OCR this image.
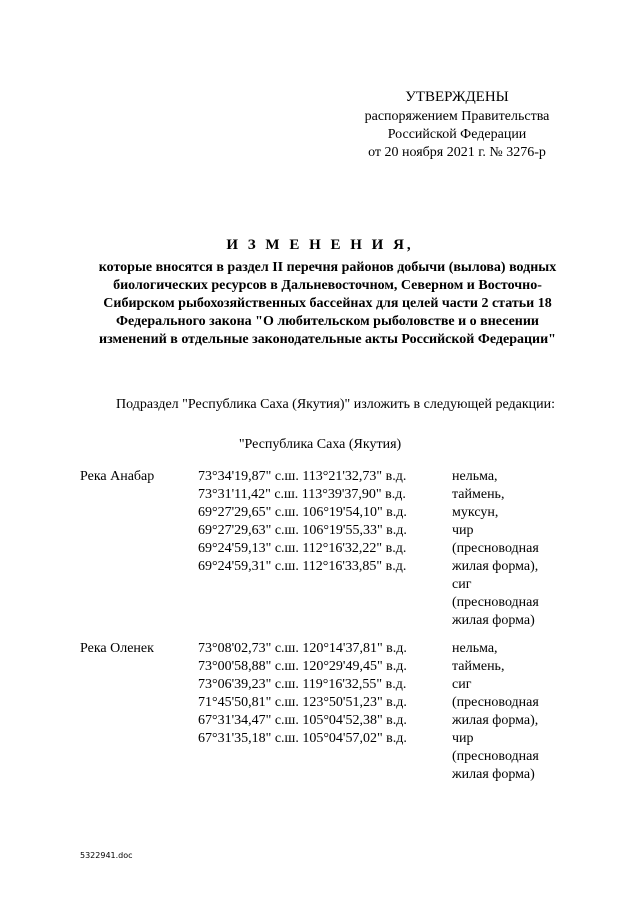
УТВЕРЖДЕНЫ
распоряжением Правительства
Российской Федерации
от 20 ноября 2021 г. № 3276-р
И З М Е Н Е Н И Я,
которые вносятся в раздел II перечня районов добычи (вылова) водных биологических ресурсов в Дальневосточном, Северном и Восточно-Сибирском рыбохозяйственных бассейнах для целей части 2 статьи 18 Федерального закона "О любительском рыболовстве и о внесении изменений в отдельные законодательные акты Российской Федерации"
Подраздел "Республика Саха (Якутия)" изложить в следующей редакции:
"Республика Саха (Якутия)
Река Анабар	73°34'19,87" с.ш. 113°21'32,73" в.д.
73°31'11,42" с.ш. 113°39'37,90" в.д.
69°27'29,65" с.ш. 106°19'54,10" в.д.
69°27'29,63" с.ш. 106°19'55,33" в.д.
69°24'59,13" с.ш. 112°16'32,22" в.д.
69°24'59,31" с.ш. 112°16'33,85" в.д.
нельма,
таймень,
муксун,
чир
(пресноводная
жилая форма),
сиг
(пресноводная
жилая форма)
Река Оленек	73°08'02,73" с.ш. 120°14'37,81" в.д.
73°00'58,88" с.ш. 120°29'49,45" в.д.
73°06'39,23" с.ш. 119°16'32,55" в.д.
71°45'50,81" с.ш. 123°50'51,23" в.д.
67°31'34,47" с.ш. 105°04'52,38" в.д.
67°31'35,18" с.ш. 105°04'57,02" в.д.
нельма,
таймень,
сиг
(пресноводная
жилая форма),
чир
(пресноводная
жилая форма)
5322941.doc
